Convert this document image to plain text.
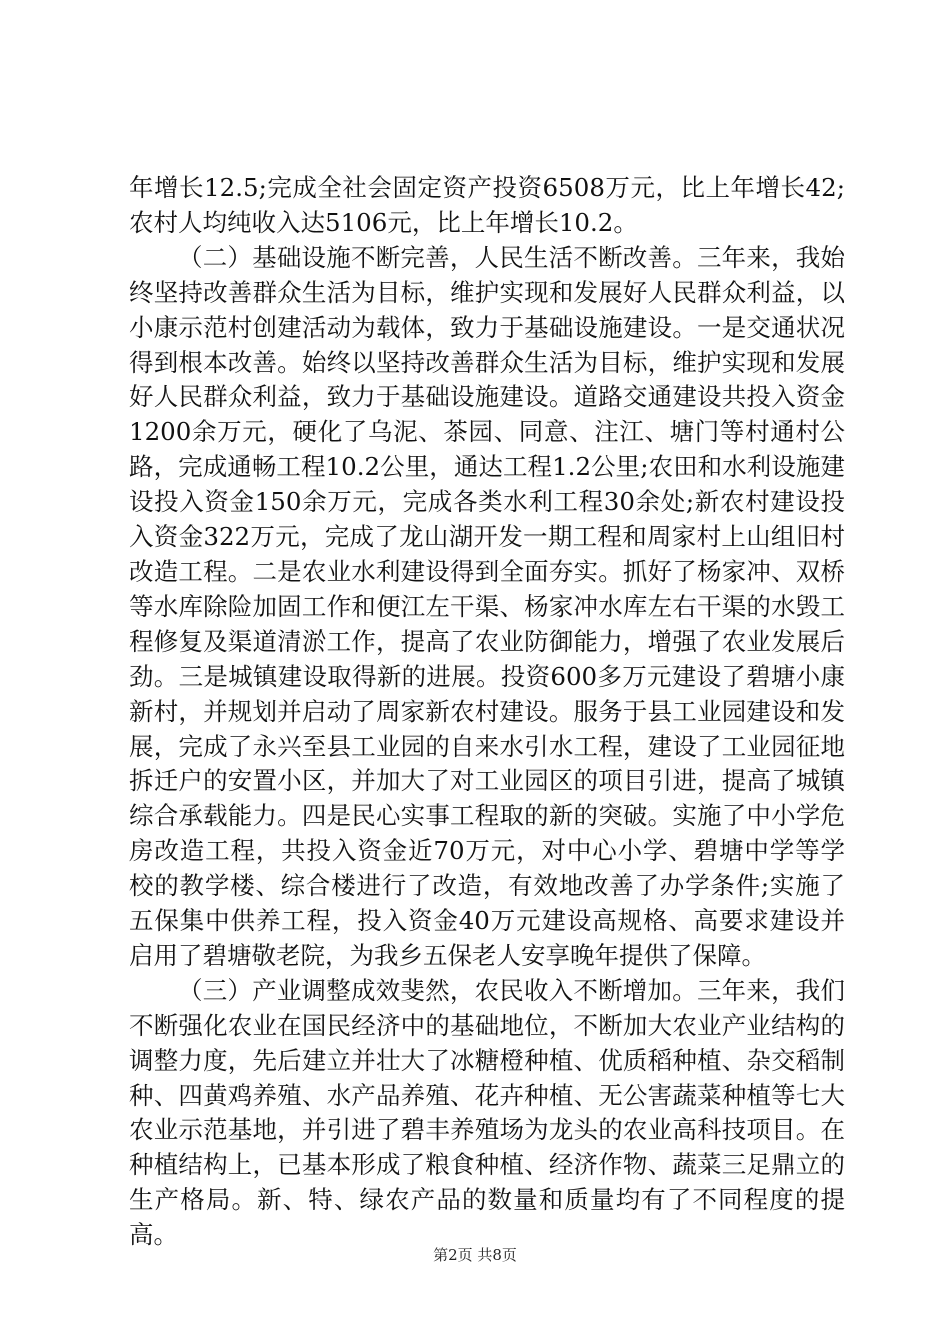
年增长12.5;完成全社会固定资产投资6508万元，比上年增长42;农村人均纯收入达5106元，比上年增长10.2。

（二）基础设施不断完善，人民生活不断改善。三年来，我始终坚持改善群众生活为目标，维护实现和发展好人民群众利益，以小康示范村创建活动为载体，致力于基础设施建设。一是交通状况得到根本改善。始终以坚持改善群众生活为目标，维护实现和发展好人民群众利益，致力于基础设施建设。道路交通建设共投入资金1200余万元，硬化了乌泥、茶园、同意、注江、塘门等村通村公路，完成通畅工程10.2公里，通达工程1.2公里;农田和水利设施建设投入资金150余万元，完成各类水利工程30余处;新农村建设投入资金322万元，完成了龙山湖开发一期工程和周家村上山组旧村改造工程。二是农业水利建设得到全面夯实。抓好了杨家冲、双桥等水库除险加固工作和便江左干渠、杨家冲水库左右干渠的水毁工程修复及渠道清淤工作，提高了农业防御能力，增强了农业发展后劲。三是城镇建设取得新的进展。投资600多万元建设了碧塘小康新村，并规划并启动了周家新农村建设。服务于县工业园建设和发展，完成了永兴至县工业园的自来水引水工程，建设了工业园征地拆迁户的安置小区，并加大了对工业园区的项目引进，提高了城镇综合承载能力。四是民心实事工程取的新的突破。实施了中小学危房改造工程，共投入资金近70万元，对中心小学、碧塘中学等学校的教学楼、综合楼进行了改造，有效地改善了办学条件;实施了五保集中供养工程，投入资金40万元建设高规格、高要求建设并启用了碧塘敬老院，为我乡五保老人安享晚年提供了保障。

（三）产业调整成效斐然，农民收入不断增加。三年来，我们不断强化农业在国民经济中的基础地位，不断加大农业产业结构的调整力度，先后建立并壮大了冰糖橙种植、优质稻种植、杂交稻制种、四黄鸡养殖、水产品养殖、花卉种植、无公害蔬菜种植等七大农业示范基地，并引进了碧丰养殖场为龙头的农业高科技项目。在种植结构上，已基本形成了粮食种植、经济作物、蔬菜三足鼎立的生产格局。新、特、绿农产品的数量和质量均有了不同程度的提高。

第2页 共8页
